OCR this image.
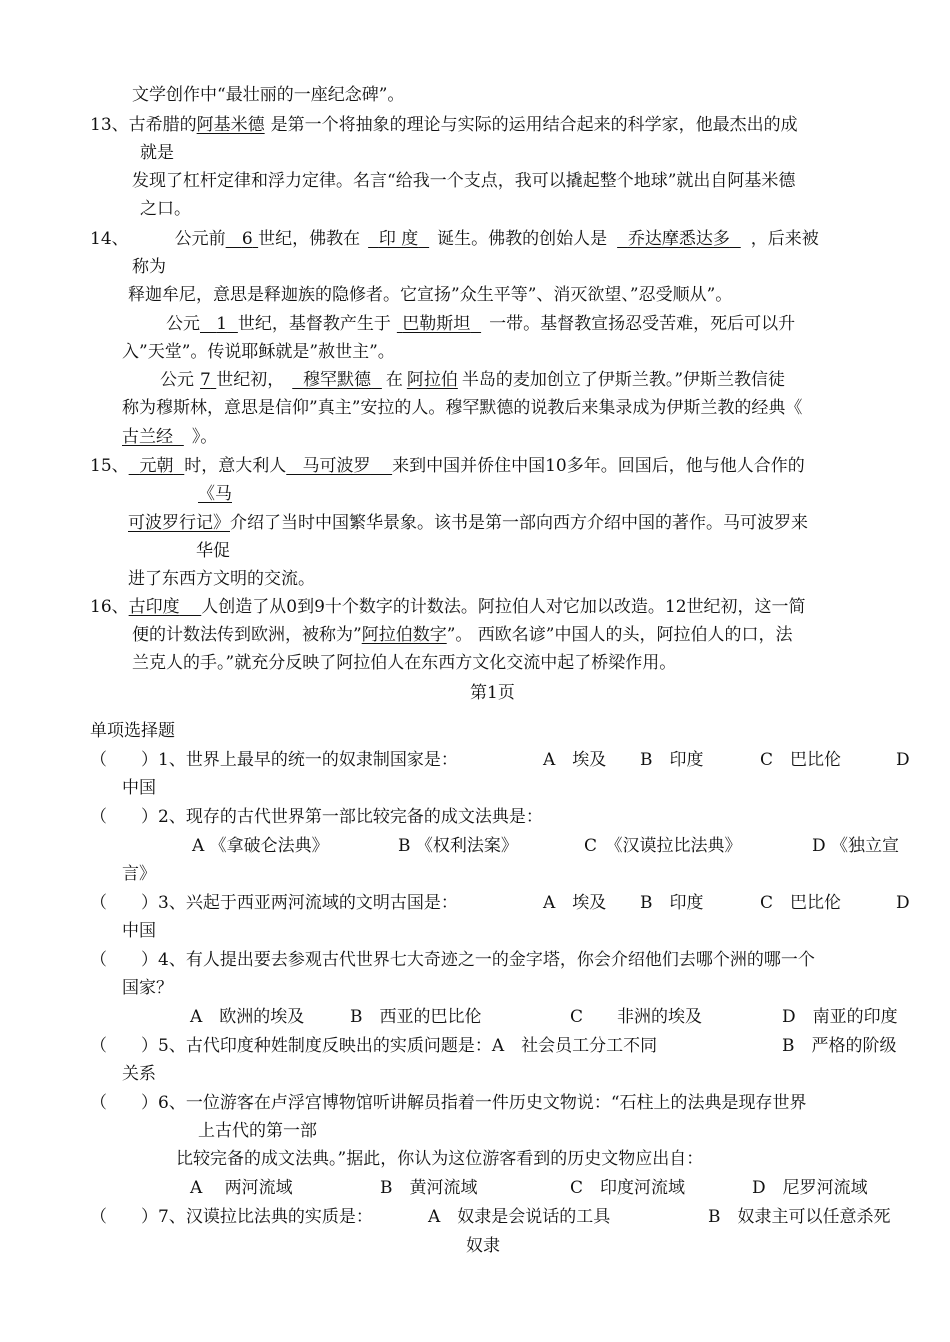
文学创作中“最壮丽的一座纪念碑”。
13、古希腊的阿基米德 是第一个将抽象的理论与实际的运用结合起来的科学家，他最杰出的成
就是
发现了杠杆定律和浮力定律。名言“给我一个支点，我可以撬起整个地球”就出自阿基米德
之口。
14、	公元前 6 世纪，佛教在 印 度 诞生。佛教的创始人是 乔达摩悉达多 ，后来被
称为
释迦牟尼，意思是释迦族的隐修者。它宣扬”众生平等”、消灭欲望、”忍受顺从”。
公元 1 世纪，基督教产生于 巴勒斯坦 一带。基督教宣扬忍受苦难，死后可以升
入”天堂”。传说耶稣就是”赦世主”。
公元 7 世纪初， 穆罕默德 在 阿拉伯 半岛的麦加创立了伊斯兰教。”伊斯兰教信徒
称为穆斯林，意思是信仰”真主”安拉的人。穆罕默德的说教后来集录成为伊斯兰教的经典《
古兰经 》。
15、 元朝 时，意大利人 马可波罗 来到中国并侨住中国10多年。回国后，他与他人合作的
《马
可波罗行记》介绍了当时中国繁华景象。该书是第一部向西方介绍中国的著作。马可波罗来
华促
进了东西方文明的交流。
16、古印度 人创造了从0到9十个数字的计数法。阿拉伯人对它加以改造。12世纪初，这一简
便的计数法传到欧洲，被称为”阿拉伯数字”。 西欧名谚”中国人的头，阿拉伯人的口，法
兰克人的手。”就充分反映了阿拉伯人在东西方文化交流中起了桥梁作用。
第1页
单项选择题
（　　）1、世界上最早的统一的奴隶制国家是：	A　埃及 B　印度	C　巴比伦	D
中国
（　　）2、现存的古代世界第一部比较完备的成文法典是：
A 《拿破仑法典》	B 《权利法案》	C　《汉谟拉比法典》	D 《独立宣
言》
（　　）3、兴起于西亚两河流域的文明古国是：	A　埃及 B　印度	C　巴比伦	D
中国
（　　）4、有人提出要去参观古代世界七大奇迹之一的金字塔，你会介绍他们去哪个洲的哪一个
国家？
A　欧洲的埃及	B　西亚的巴比伦	C　　非洲的埃及	D　南亚的印度
（　　）5、古代印度种姓制度反映出的实质问题是：A　社会员工分工不同	B　严格的阶级
关系
（　　）6、一位游客在卢浮宫博物馆听讲解员指着一件历史文物说：“石柱上的法典是现存世界
上古代的第一部
比较完备的成文法典。”据此，你认为这位游客看到的历史文物应出自：
A　 两河流域	B　黄河流域	C　印度河流域	D　尼罗河流域
（　　）7、汉谟拉比法典的实质是：	A　奴隶是会说话的工具	B　奴隶主可以任意杀死
奴隶
